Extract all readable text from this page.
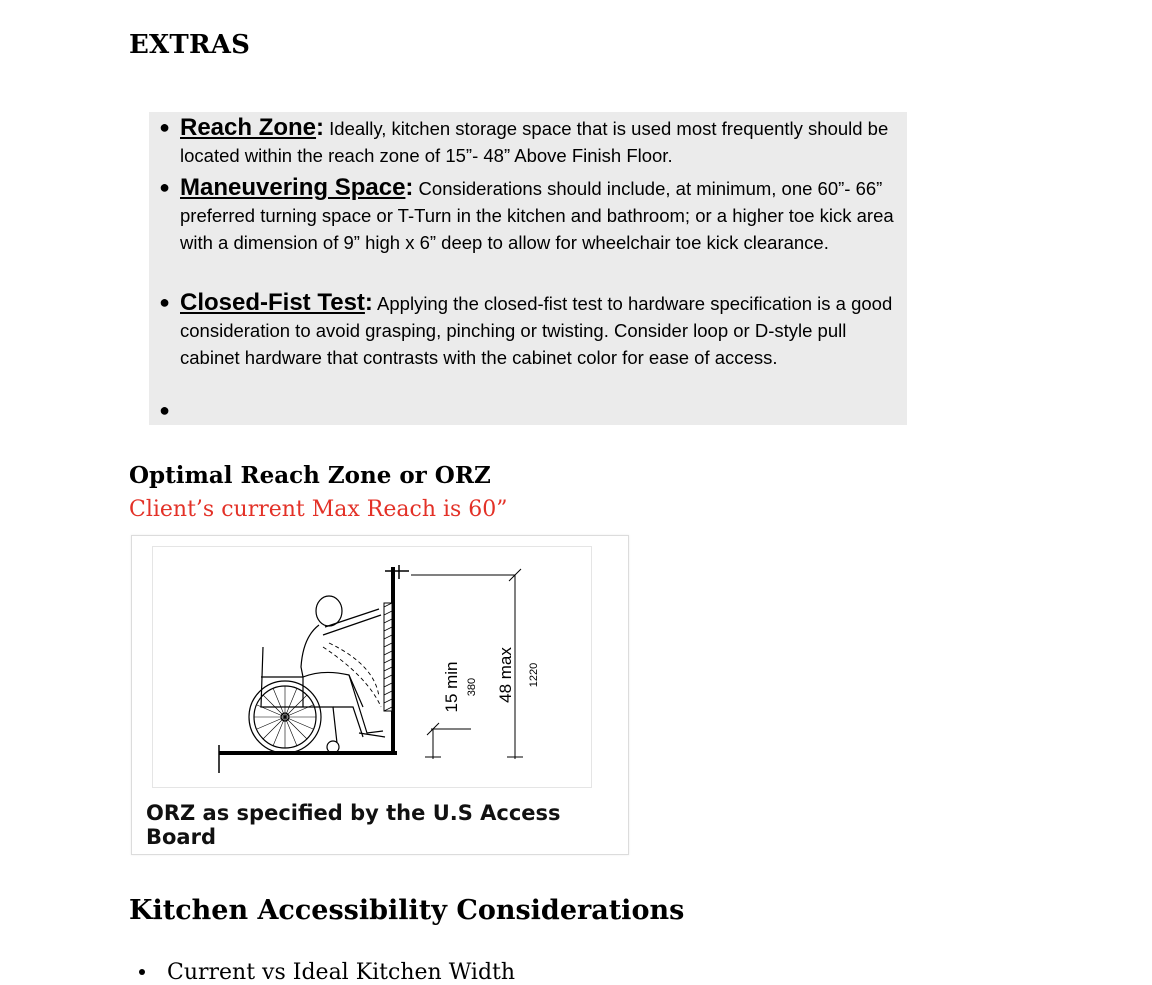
EXTRAS
● Reach Zone: Ideally, kitchen storage space that is used most frequently should be located within the reach zone of 15”- 48” Above Finish Floor.
● Maneuvering Space: Considerations should include, at minimum, one 60”- 66” preferred turning space or T-Turn in the kitchen and bathroom; or a higher toe kick area with a dimension of 9” high x 6” deep to allow for wheelchair toe kick clearance.
● Closed-Fist Test: Applying the closed-fist test to hardware specification is a good consideration to avoid grasping, pinching or twisting. Consider loop or D-style pull cabinet hardware that contrasts with the cabinet color for ease of access.
●
Optimal Reach Zone or ORZ

Client’s current Max Reach is 60”

15 min 380 48 max 1220

ORZ as specified by the U.S Access Board

Kitchen Accessibility Considerations
Current vs Ideal Kitchen Width
